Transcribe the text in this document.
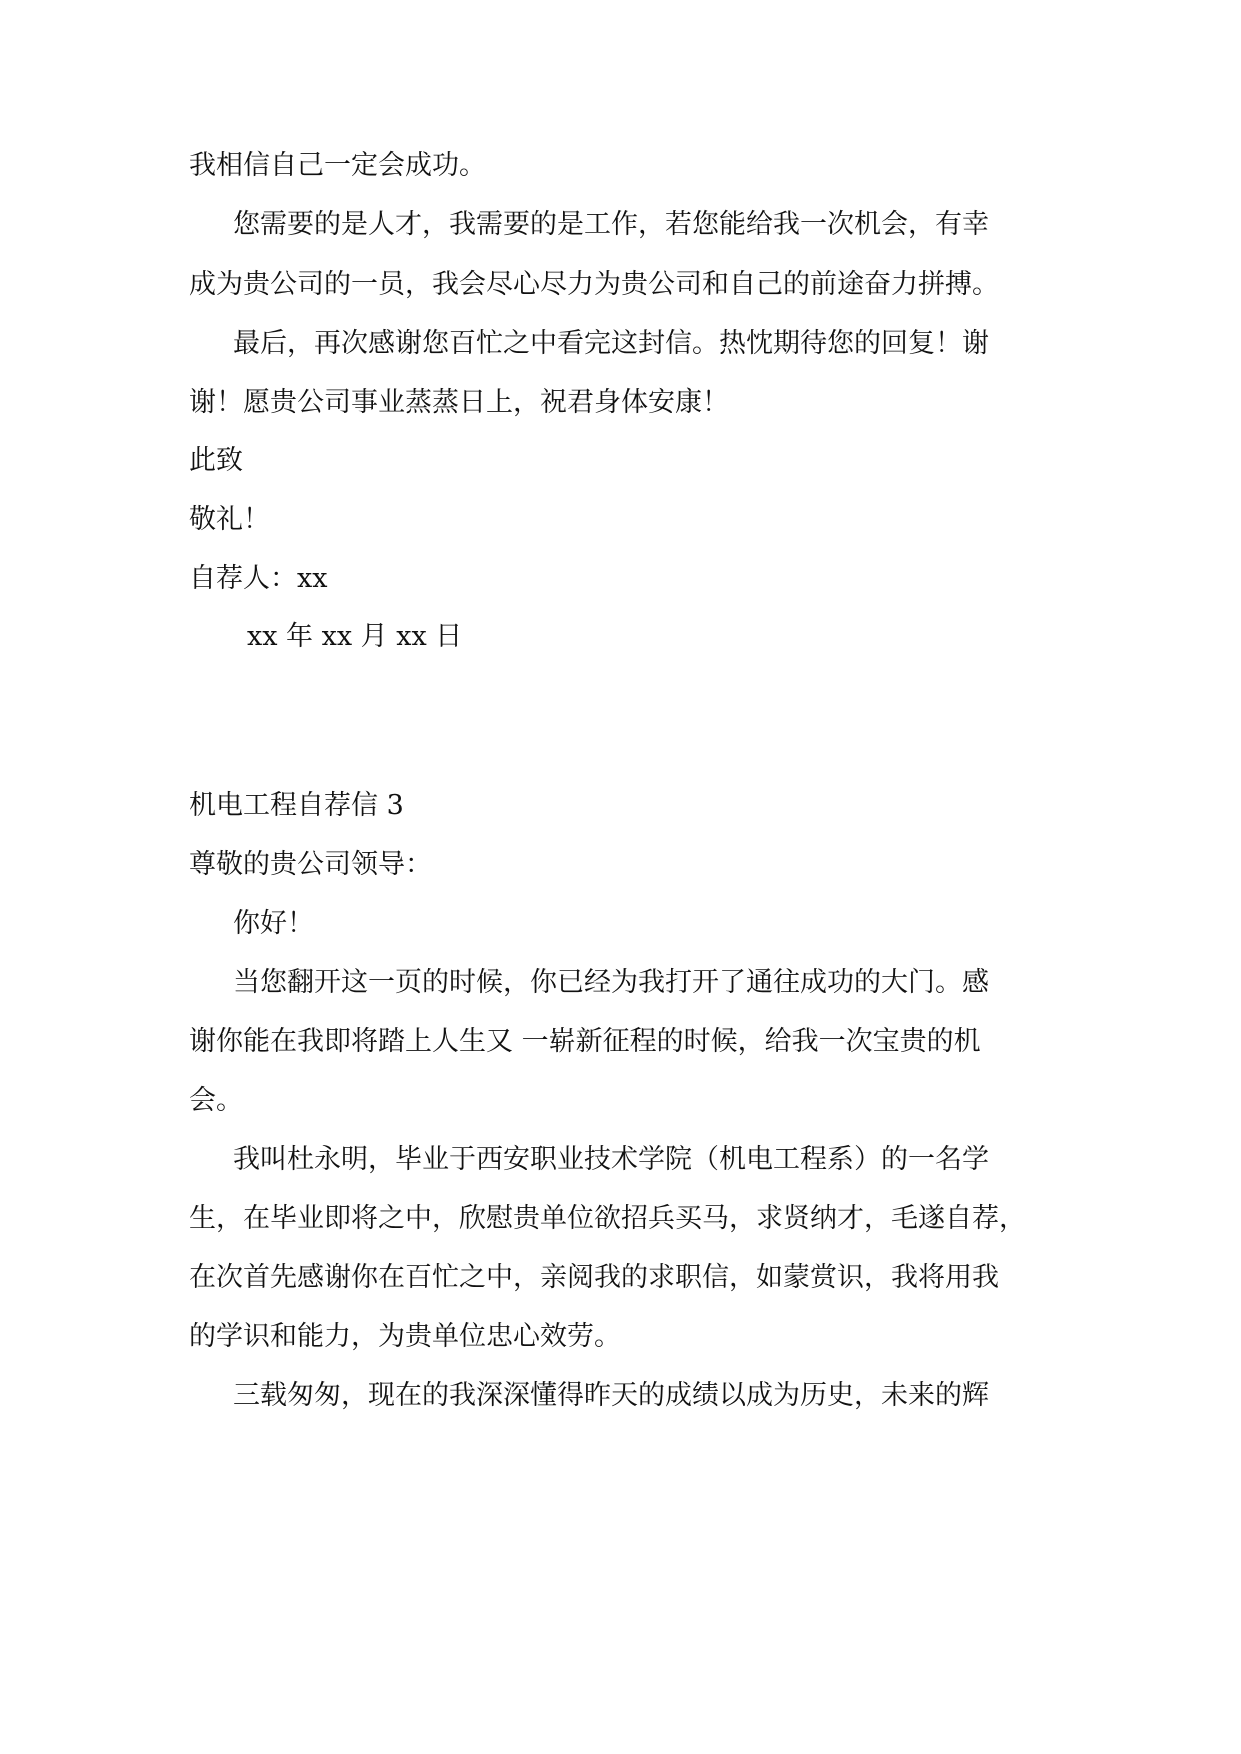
我相信自己一定会成功。
您需要的是人才，我需要的是工作，若您能给我一次机会，有幸
成为贵公司的一员，我会尽心尽力为贵公司和自己的前途奋力拼搏。
最后，再次感谢您百忙之中看完这封信。热忱期待您的回复！谢
谢！愿贵公司事业蒸蒸日上，祝君身体安康！
此致
敬礼！
自荐人：xx
xx 年 xx 月 xx 日
机电工程自荐信 3
尊敬的贵公司领导：
你好！
当您翻开这一页的时候，你已经为我打开了通往成功的大门。感
谢你能在我即将踏上人生又 一崭新征程的时候，给我一次宝贵的机
会。
我叫杜永明，毕业于西安职业技术学院（机电工程系）的一名学
生，在毕业即将之中，欣慰贵单位欲招兵买马，求贤纳才，毛遂自荐，
在次首先感谢你在百忙之中，亲阅我的求职信，如蒙赏识，我将用我
的学识和能力，为贵单位忠心效劳。
三载匆匆，现在的我深深懂得昨天的成绩以成为历史，未来的辉
